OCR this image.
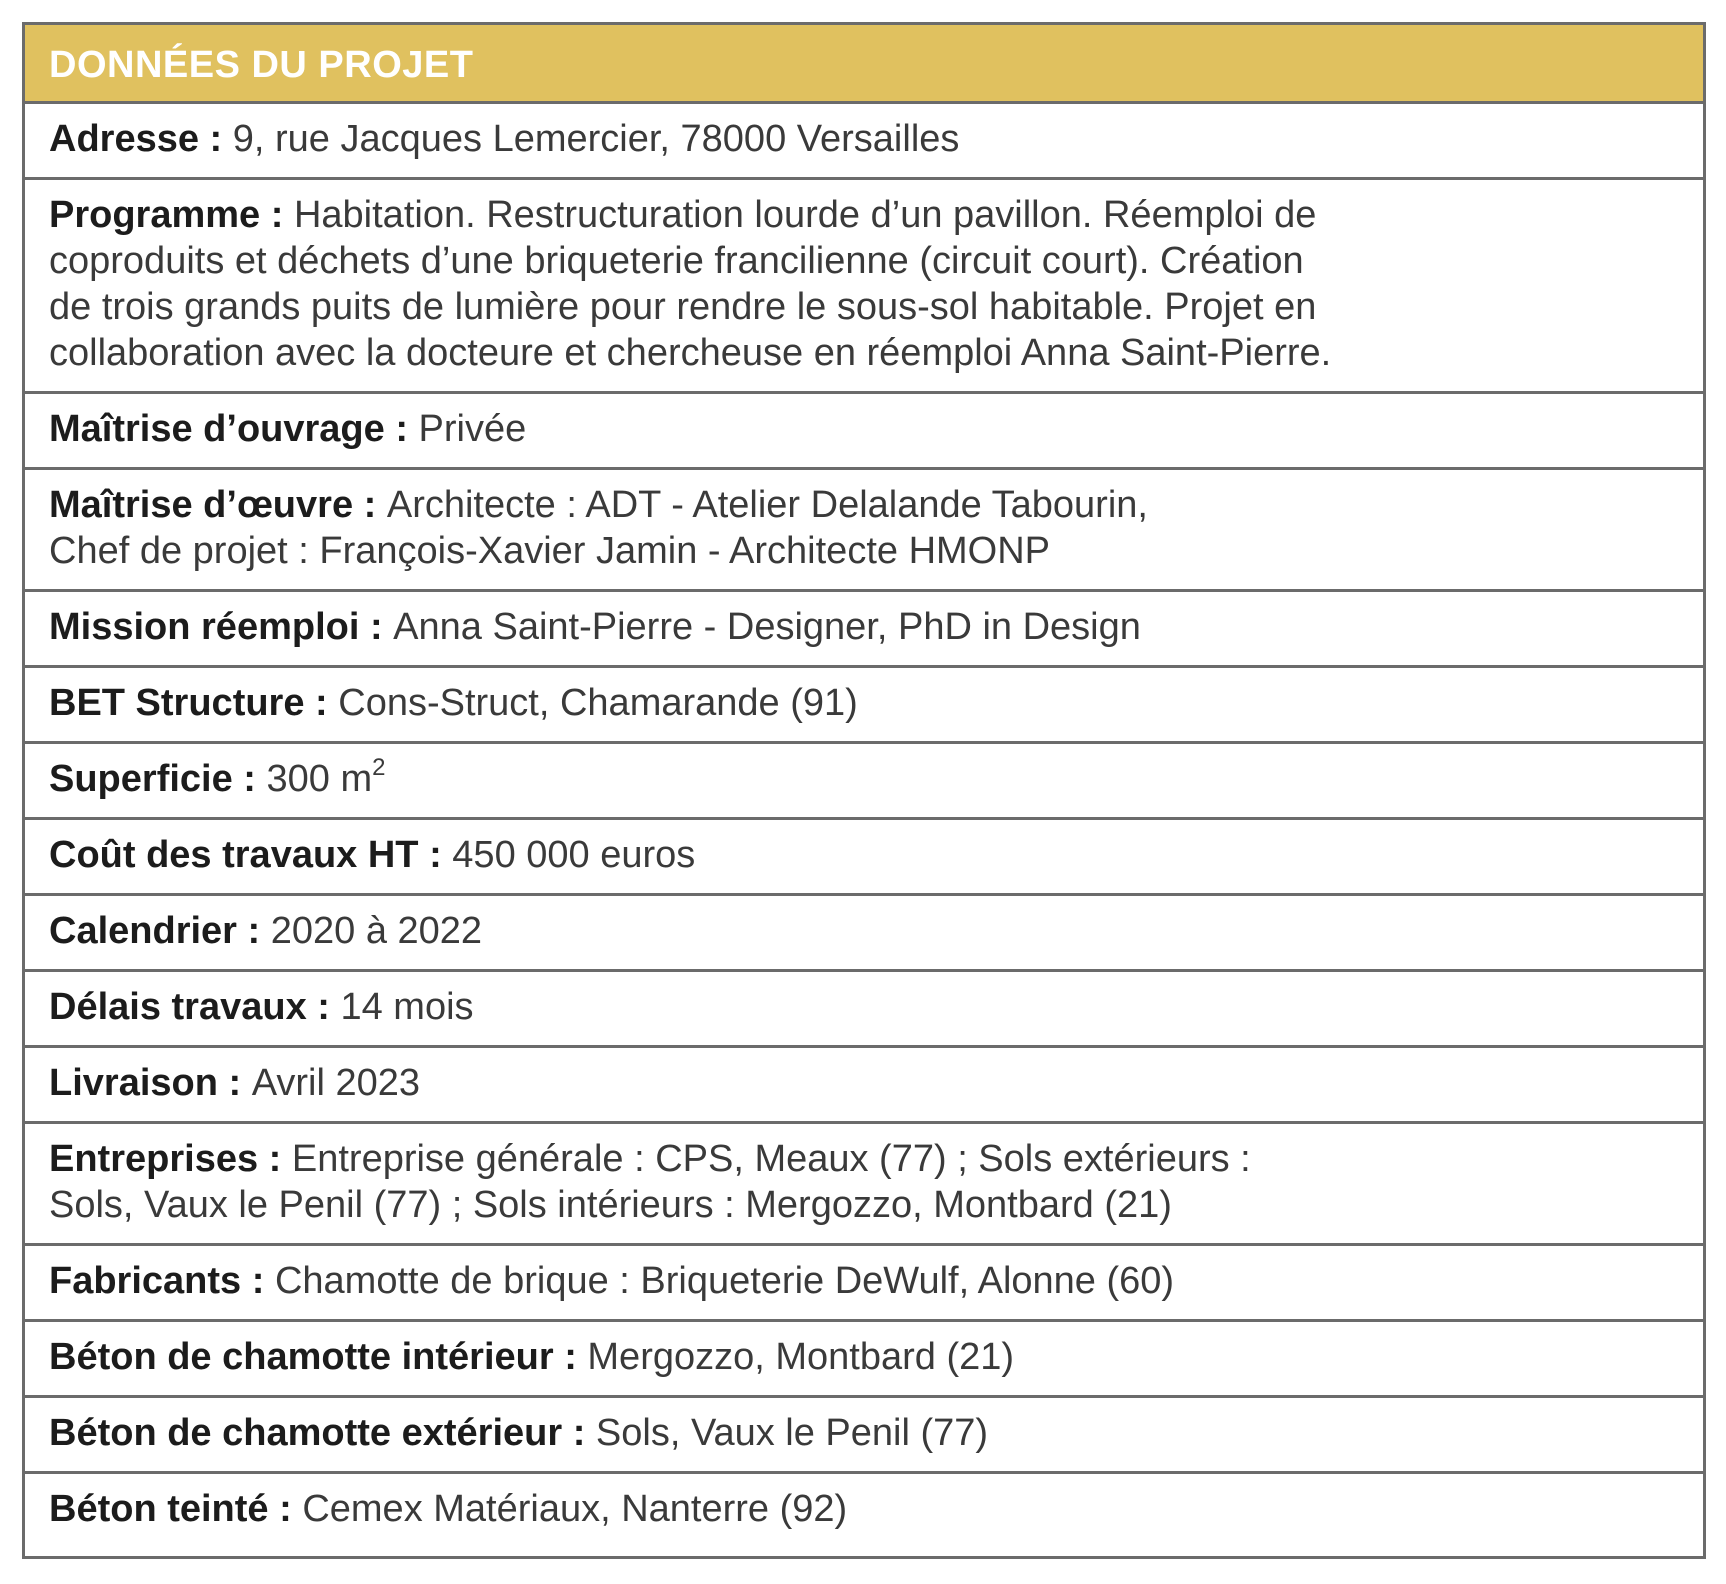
DONNÉES DU PROJET
Adresse : 9, rue Jacques Lemercier, 78000 Versailles
Programme : Habitation. Restructuration lourde d’un pavillon. Réemploi de
coproduits et déchets d’une briqueterie francilienne (circuit court). Création
de trois grands puits de lumière pour rendre le sous-sol habitable. Projet en
collaboration avec la docteure et chercheuse en réemploi Anna Saint-Pierre.
Maîtrise d’ouvrage : Privée
Maîtrise d’œuvre : Architecte : ADT - Atelier Delalande Tabourin,
Chef de projet : François-Xavier Jamin - Architecte HMONP
Mission réemploi : Anna Saint-Pierre - Designer, PhD in Design
BET Structure : Cons-Struct, Chamarande (91)
Superficie : 300 $m^2$
Coût des travaux HT : 450 000 euros
Calendrier : 2020 à 2022
Délais travaux : 14 mois
Livraison : Avril 2023
Entreprises : Entreprise générale : CPS, Meaux (77) ; Sols extérieurs :
Sols, Vaux le Penil (77) ; Sols intérieurs : Mergozzo, Montbard (21)
Fabricants : Chamotte de brique : Briqueterie DeWulf, Alonne (60)
Béton de chamotte intérieur : Mergozzo, Montbard (21)
Béton de chamotte extérieur : Sols, Vaux le Penil (77)
Béton teinté : Cemex Matériaux, Nanterre (92)
